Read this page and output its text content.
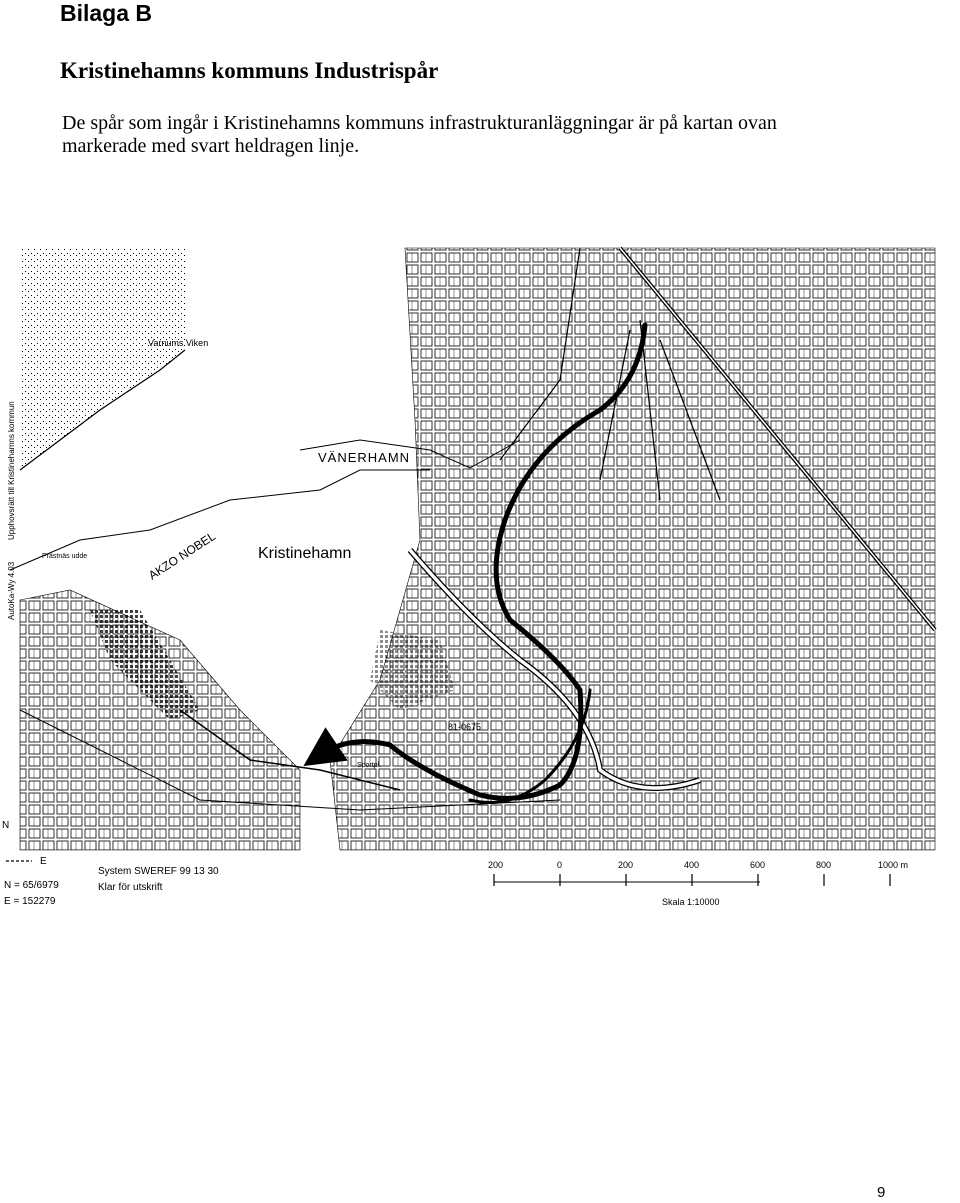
Bilaga B
Kristinehamns kommuns Industrispår
De spår som ingår i Kristinehamns kommuns infrastrukturanläggningar är på kartan ovan markerade med svart heldragen linje.
Varnums Viken
VÄNERHAMN
Kristinehamn
AKZO NOBEL
Prästnäs udde
Sportpl.
81-0675
Upphovsrätt till Kristinehamns kommun
AutoKa-Wy 4.03
N
E
N = 65/6979
E = 152279
System SWEREF 99 13 30
Klar för utskrift
200	0	200	400	600	800	1000 m
Skala 1:10000
9
